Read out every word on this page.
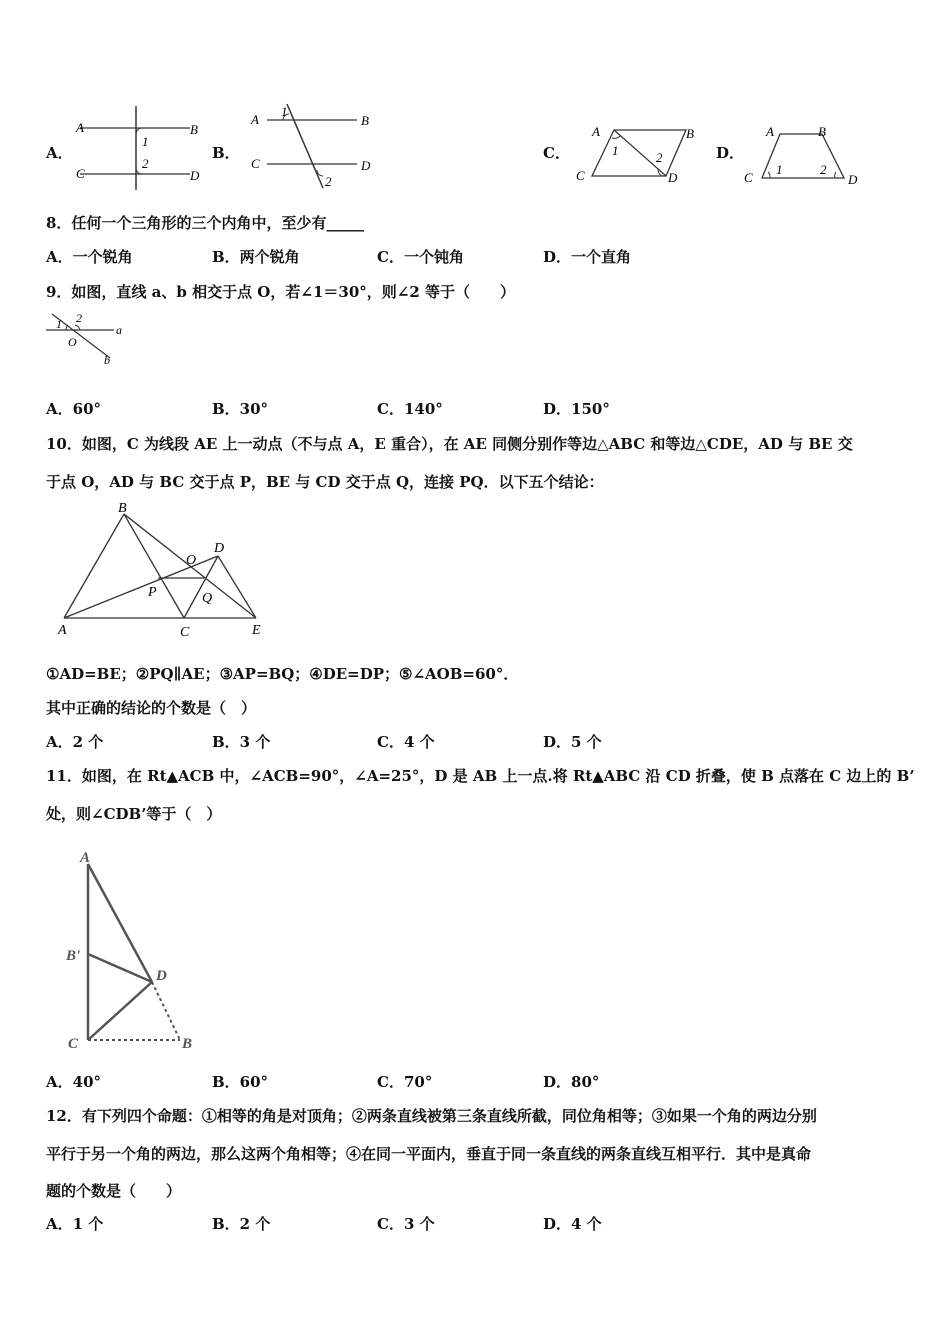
A．
A	B
C	D
1
2
B．
A	B
C	D
1
2
C．
A	B
C	D
1	2	D．
A	B
C	D
1	2
8．任何一个三角形的三个内角中，至少有_____
A．一个锐角	B．两个锐角	C．一个钝角	D．一个直角
9．如图，直线 a、b 相交于点 O，若∠1＝30°，则∠2 等于（　　）
1 2
O
a
b
A．60°	B．30°	C．140°	D．150°
10．如图，C 为线段 AE 上一动点（不与点 A，E 重合），在 AE 同侧分别作等边△ABC 和等边△CDE，AD 与 BE 交
于点 O，AD 与 BC 交于点 P，BE 与 CD 交于点 Q，连接 PQ．以下五个结论：
B
D
O
P	Q
A	C	E
①AD=BE；②PQ∥AE；③AP=BQ；④DE=DP；⑤∠AOB=60°．
其中正确的结论的个数是（　）
A．2 个	B．3 个	C．4 个	D．5 个
11．如图，在 Rt▲ACB 中，∠ACB=90°，∠A=25°，D 是 AB 上一点.将 Rt▲ABC 沿 CD 折叠，使 B 点落在 C 边上的 B’
处，则∠CDB’等于（　）
A
B'
D
C	B
A．40°	B．60°	C．70°	D．80°
12．有下列四个命题：①相等的角是对顶角；②两条直线被第三条直线所截，同位角相等；③如果一个角的两边分别
平行于另一个角的两边，那么这两个角相等；④在同一平面内，垂直于同一条直线的两条直线互相平行．其中是真命
题的个数是（　　）
A．1 个	B．2 个	C．3 个	D．4 个
